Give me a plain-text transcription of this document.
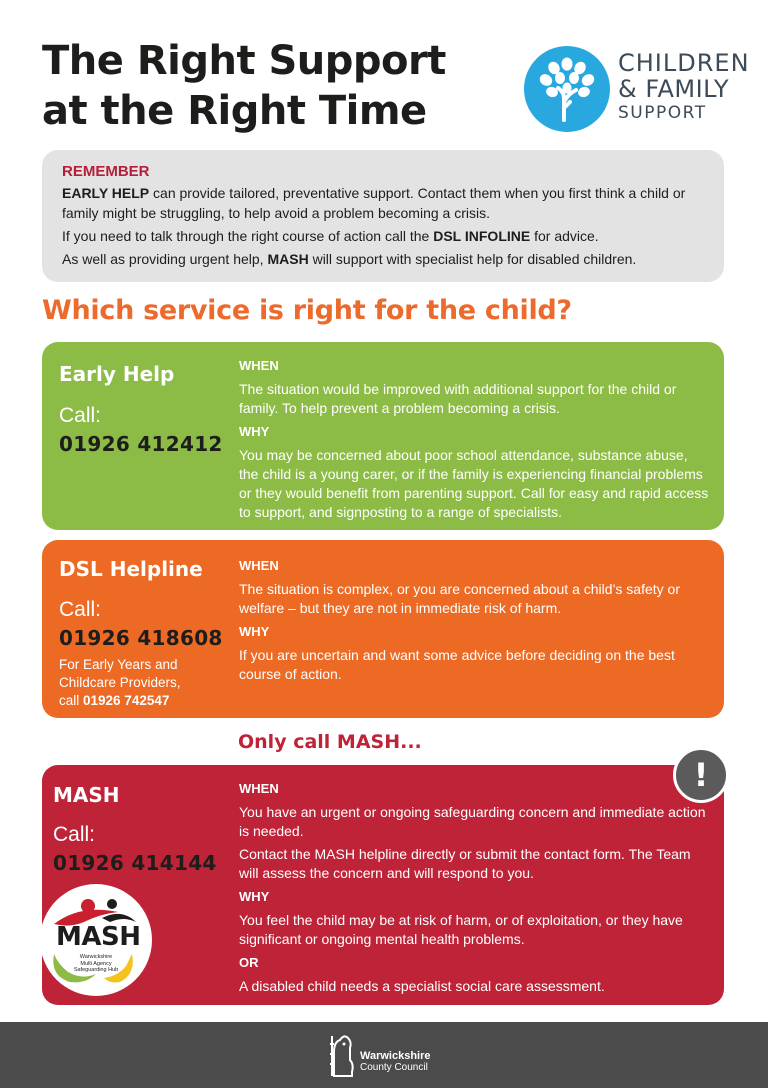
The Right Support
at the Right Time
CHILDREN
& FAMILY
SUPPORT
REMEMBER

EARLY HELP can provide tailored, preventative support. Contact them when you first think a child or family might be struggling, to help avoid a problem becoming a crisis.

If you need to talk through the right course of action call the DSL INFOLINE for advice.

As well as providing urgent help, MASH will support with specialist help for disabled children.

Which service is right for the child?
Early Help
Call:
01926 412412
WHEN

The situation would be improved with additional support for the child or family. To help prevent a problem becoming a crisis.

WHY

You may be concerned about poor school attendance, substance abuse, the child is a young carer, or if the family is experiencing financial problems or they would benefit from parenting support. Call for easy and rapid access to support, and signposting to a range of specialists.

DSL Helpline
Call:
01926 418608
For Early Years and
Childcare Providers,
call 01926 742547
WHEN

The situation is complex, or you are concerned about a child’s safety or welfare – but they are not in immediate risk of harm.

WHY

If you are uncertain and want some advice before deciding on the best course of action.

Only call MASH...
MASH
Call:
01926 414144
WHEN

You have an urgent or ongoing safeguarding concern and immediate action is needed.

Contact the MASH helpline directly or submit the contact form. The Team will assess the concern and will respond to you.

WHY

You feel the child may be at risk of harm, or of exploitation, or they have significant or ongoing mental health problems.

OR

A disabled child needs a specialist social care assessment.

!
MASH
Warwickshire
Multi Agency
Safeguarding Hub
Warwickshire
County Council
